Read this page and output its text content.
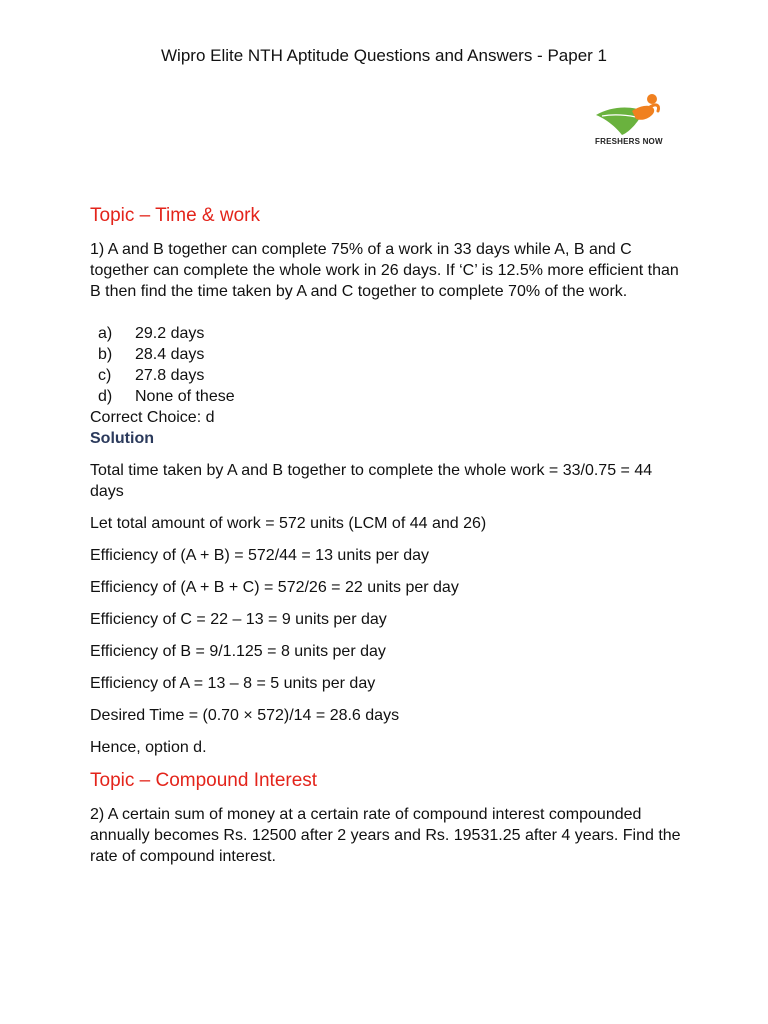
Wipro Elite NTH Aptitude Questions and Answers - Paper 1
FRESHERS NOW
Topic – Time & work

1) A and B together can complete 75% of a work in 33 days while A, B and C together can complete the whole work in 26 days. If ‘C’ is 12.5% more efficient than B then find the time taken by A and C together to complete 70% of the work.

a)	29.2 days
b)	28.4 days
c)	27.8 days
d)	None of these

Correct Choice: d

Solution

Total time taken by A and B together to complete the whole work = 33/0.75 = 44 days

Let total amount of work = 572 units (LCM of 44 and 26)

Efficiency of (A + B) = 572/44 = 13 units per day

Efficiency of (A + B + C) = 572/26 = 22 units per day

Efficiency of C = 22 – 13 = 9 units per day

Efficiency of B = 9/1.125 = 8 units per day

Efficiency of A = 13 – 8 = 5 units per day

Desired Time = (0.70 × 572)/14 = 28.6 days

Hence, option d.

Topic – Compound Interest

2) A certain sum of money at a certain rate of compound interest compounded annually becomes Rs. 12500 after 2 years and Rs. 19531.25 after 4 years. Find the rate of compound interest.
